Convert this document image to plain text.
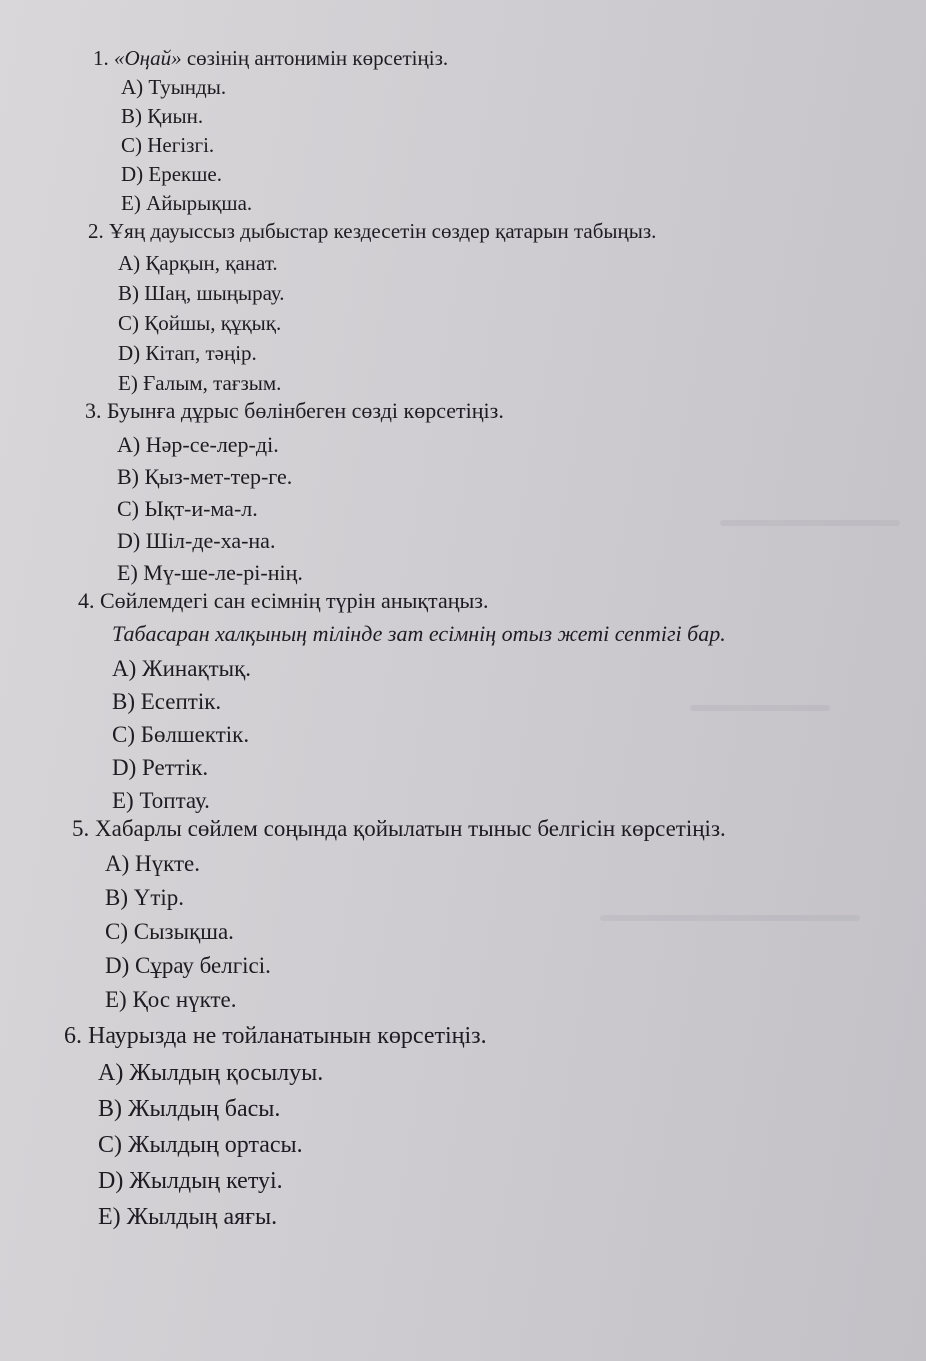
1. «Оңай» сөзінің антонимін көрсетіңіз.

A) Туынды.
B) Қиын.
C) Негізгі.
D) Ерекше.
E) Айырықша.

2. Ұяң дауыссыз дыбыстар кездесетін сөздер қатарын табыңыз.

A) Қарқын, қанат.
B) Шаң, шыңырау.
C) Қойшы, құқық.
D) Кітап, тәңір.
E) Ғалым, тағзым.

3. Буынға дұрыс бөлінбеген сөзді көрсетіңіз.

A) Нәр-се-лер-ді.
B) Қыз-мет-тер-ге.
C) Ықт-и-ма-л.
D) Шіл-де-ха-на.
E) Мү-ше-ле-рі-нің.

4. Сөйлемдегі сан есімнің түрін анықтаңыз.

Табасаран халқының тілінде зат есімнің отыз жеті септігі бар.

A) Жинақтық.
B) Есептік.
C) Бөлшектік.
D) Реттік.
E) Топтау.

5. Хабарлы сөйлем соңында қойылатын тыныс белгісін көрсетіңіз.

A) Нүкте.
B) Үтір.
C) Сызықша.
D) Сұрау белгісі.
E) Қос нүкте.

6. Наурызда не тойланатынын көрсетіңіз.

A) Жылдың қосылуы.
B) Жылдың басы.
C) Жылдың ортасы.
D) Жылдың кетуі.
E) Жылдың аяғы.
